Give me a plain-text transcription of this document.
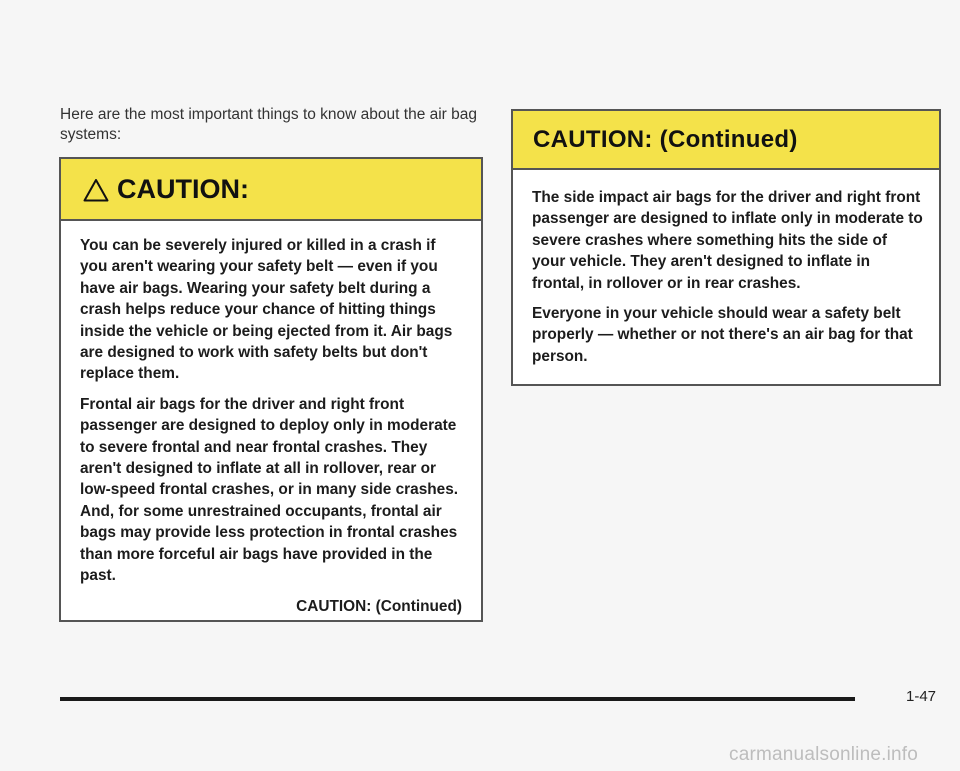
Here are the most important things to know about the air bag systems:
CAUTION:

You can be severely injured or killed in a crash if you aren't wearing your safety belt — even if you have air bags. Wearing your safety belt during a crash helps reduce your chance of hitting things inside the vehicle or being ejected from it. Air bags are designed to work with safety belts but don't replace them.

Frontal air bags for the driver and right front passenger are designed to deploy only in moderate to severe frontal and near frontal crashes. They aren't designed to inflate at all in rollover, rear or low-speed frontal crashes, or in many side crashes. And, for some unrestrained occupants, frontal air bags may provide less protection in frontal crashes than more forceful air bags have provided in the past.

CAUTION: (Continued)
CAUTION: (Continued)

The side impact air bags for the driver and right front passenger are designed to inflate only in moderate to severe crashes where something hits the side of your vehicle. They aren't designed to inflate in frontal, in rollover or in rear crashes.

Everyone in your vehicle should wear a safety belt properly — whether or not there's an air bag for that person.

1-47
carmanualsonline.info
